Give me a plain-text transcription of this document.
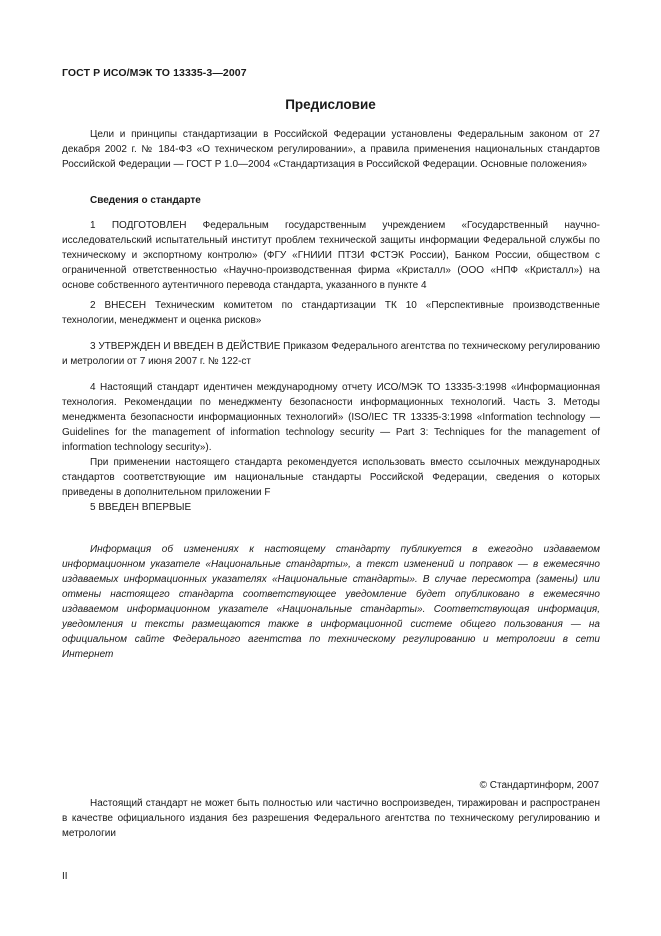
ГОСТ Р ИСО/МЭК ТО 13335-3—2007
Предисловие

Цели и принципы стандартизации в Российской Федерации установлены Федеральным законом от 27 декабря 2002 г. № 184-ФЗ «О техническом регулировании», а правила применения национальных стандартов Российской Федерации — ГОСТ Р 1.0—2004 «Стандартизация в Российской Федерации. Основные положения»

Сведения о стандарте

1 ПОДГОТОВЛЕН Федеральным государственным учреждением «Государственный научно-исследовательский испытательный институт проблем технической защиты информации Федеральной службы по техническому и экспортному контролю» (ФГУ «ГНИИИ ПТЗИ ФСТЭК России), Банком России, обществом с ограниченной ответственностью «Научно-производственная фирма «Кристалл» (ООО «НПФ «Кристалл») на основе собственного аутентичного перевода стандарта, указанного в пункте 4

2 ВНЕСЕН Техническим комитетом по стандартизации ТК 10 «Перспективные производственные технологии, менеджмент и оценка рисков»

3 УТВЕРЖДЕН И ВВЕДЕН В ДЕЙСТВИЕ Приказом Федерального агентства по техническому регулированию и метрологии от 7 июня 2007 г. № 122-ст

4 Настоящий стандарт идентичен международному отчету ИСО/МЭК ТО 13335-3:1998 «Информационная технология. Рекомендации по менеджменту безопасности информационных технологий. Часть 3. Методы менеджмента безопасности информационных технологий» (ISO/IEC TR 13335-3:1998 «Information technology — Guidelines for the management of information technology security — Part 3: Techniques for the management of information technology security»).

При применении настоящего стандарта рекомендуется использовать вместо ссылочных международных стандартов соответствующие им национальные стандарты Российской Федерации, сведения о которых приведены в дополнительном приложении F

5 ВВЕДЕН ВПЕРВЫЕ

Информация об изменениях к настоящему стандарту публикуется в ежегодно издаваемом информационном указателе «Национальные стандарты», а текст изменений и поправок — в ежемесячно издаваемых информационных указателях «Национальные стандарты». В случае пересмотра (замены) или отмены настоящего стандарта соответствующее уведомление будет опубликовано в ежемесячно издаваемом информационном указателе «Национальные стандарты». Соответствующая информация, уведомления и тексты размещаются также в информационной системе общего пользования — на официальном сайте Федерального агентства по техническому регулированию и метрологии в сети Интернет

© Стандартинформ, 2007

Настоящий стандарт не может быть полностью или частично воспроизведен, тиражирован и распространен в качестве официального издания без разрешения Федерального агентства по техническому регулированию и метрологии

II
